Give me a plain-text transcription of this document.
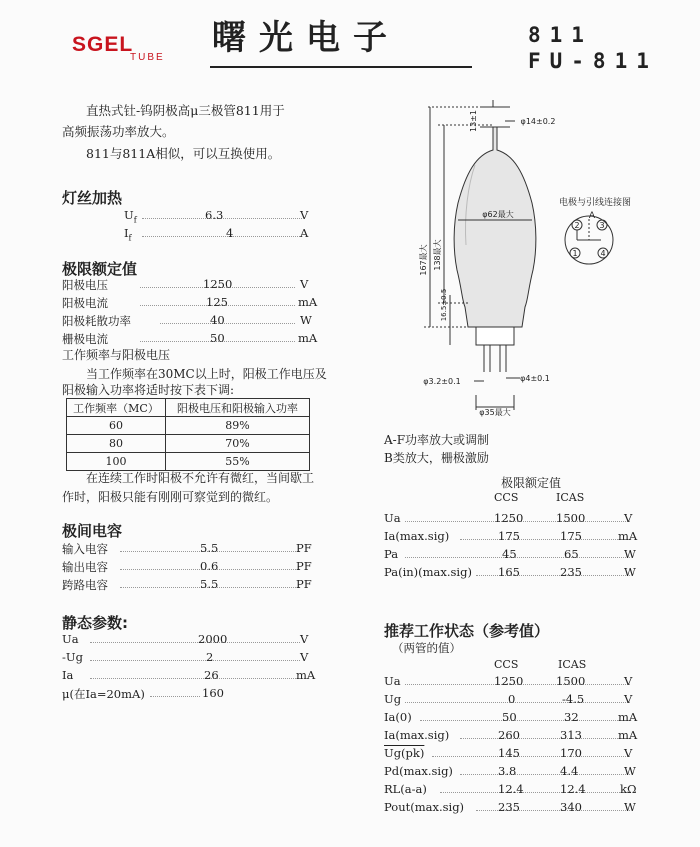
SGEL
TUBE 曙光电子	811
FU-811
直热式钍-钨阴极高μ三极管811用于
高频振荡功率放大。
811与811A相似，可以互换使用。
灯丝加热
$U_f$	6.3	V
$I_f$	4	A
极限额定值
阳极电压	1250	V
阳极电流	125	mA
阳极耗散功率	40	W
栅极电流	50	mA
工作频率与阳极电压
当工作频率在30MC以上时，阳极工作电压及
阳极输入功率将适时按下表下调:
工作频率（MC）	阳极电压和阳极输入功率
60	89%
80	70%
100	55%
在连续工作时阳极不允许有微红，当间歇工
作时，阳极只能有刚刚可察觉到的微红。
极间电容
输入电容	5.5	PF
输出电容	0.6	PF
跨路电容	5.5	PF
静态参数:
Ua	2000	V
-Ug	2	V
Ia	26	mA
μ(在Ia=20mA)	160
13±1	φ14±0.2
φ62最大
167最大 138最大
16.5±0.5
φ3.2±0.1	φ4±0.1
φ35最大
电极与引线连接图
A
2 3
1	4
A-F功率放大或调制
B类放大，栅极激励
极限额定值
CCS	ICAS
Ua	1250	1500	V
Ia(max.sig)	175	175	mA
Pa	45	65	W
Pa(in)(max.sig) 165	235	W
推荐工作状态（参考值）
（两管的值）
CCS	ICAS
Ua	1250	1500	V
Ug	0	-4.5	V
Ia(0)	50	32	mA
Ia(max.sig)	260	313	mA
Ug(pk)	145	170	V
Pd(max.sig)	3.8	4.4	W
RL(a-a)	12.4	12.4	kΩ
Pout(max.sig)	235	340	W
